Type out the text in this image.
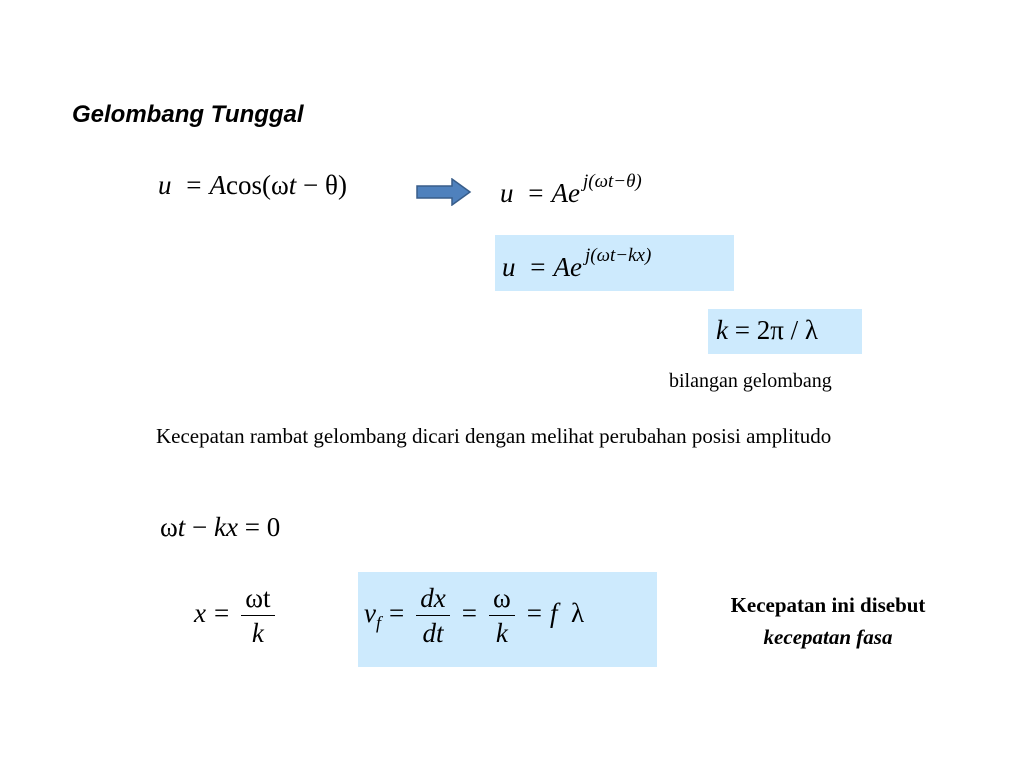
Gelombang Tunggal
u = Acos(ωt − θ)	u = Ae $^{j(\omega t-\theta)}$
u = Ae $^{j(\omega t-kx)}$
k = 2π / λ
bilangan gelombang
Kecepatan rambat gelombang dicari dengan melihat perubahan posisi amplitudo
ωt − kx = 0
$x = \frac{\omega t}{k}$	$v_f = \frac{dx}{dt} = \frac{\omega}{k} = f$ λ	Kecepatan ini disebut
kecepatan fasa
